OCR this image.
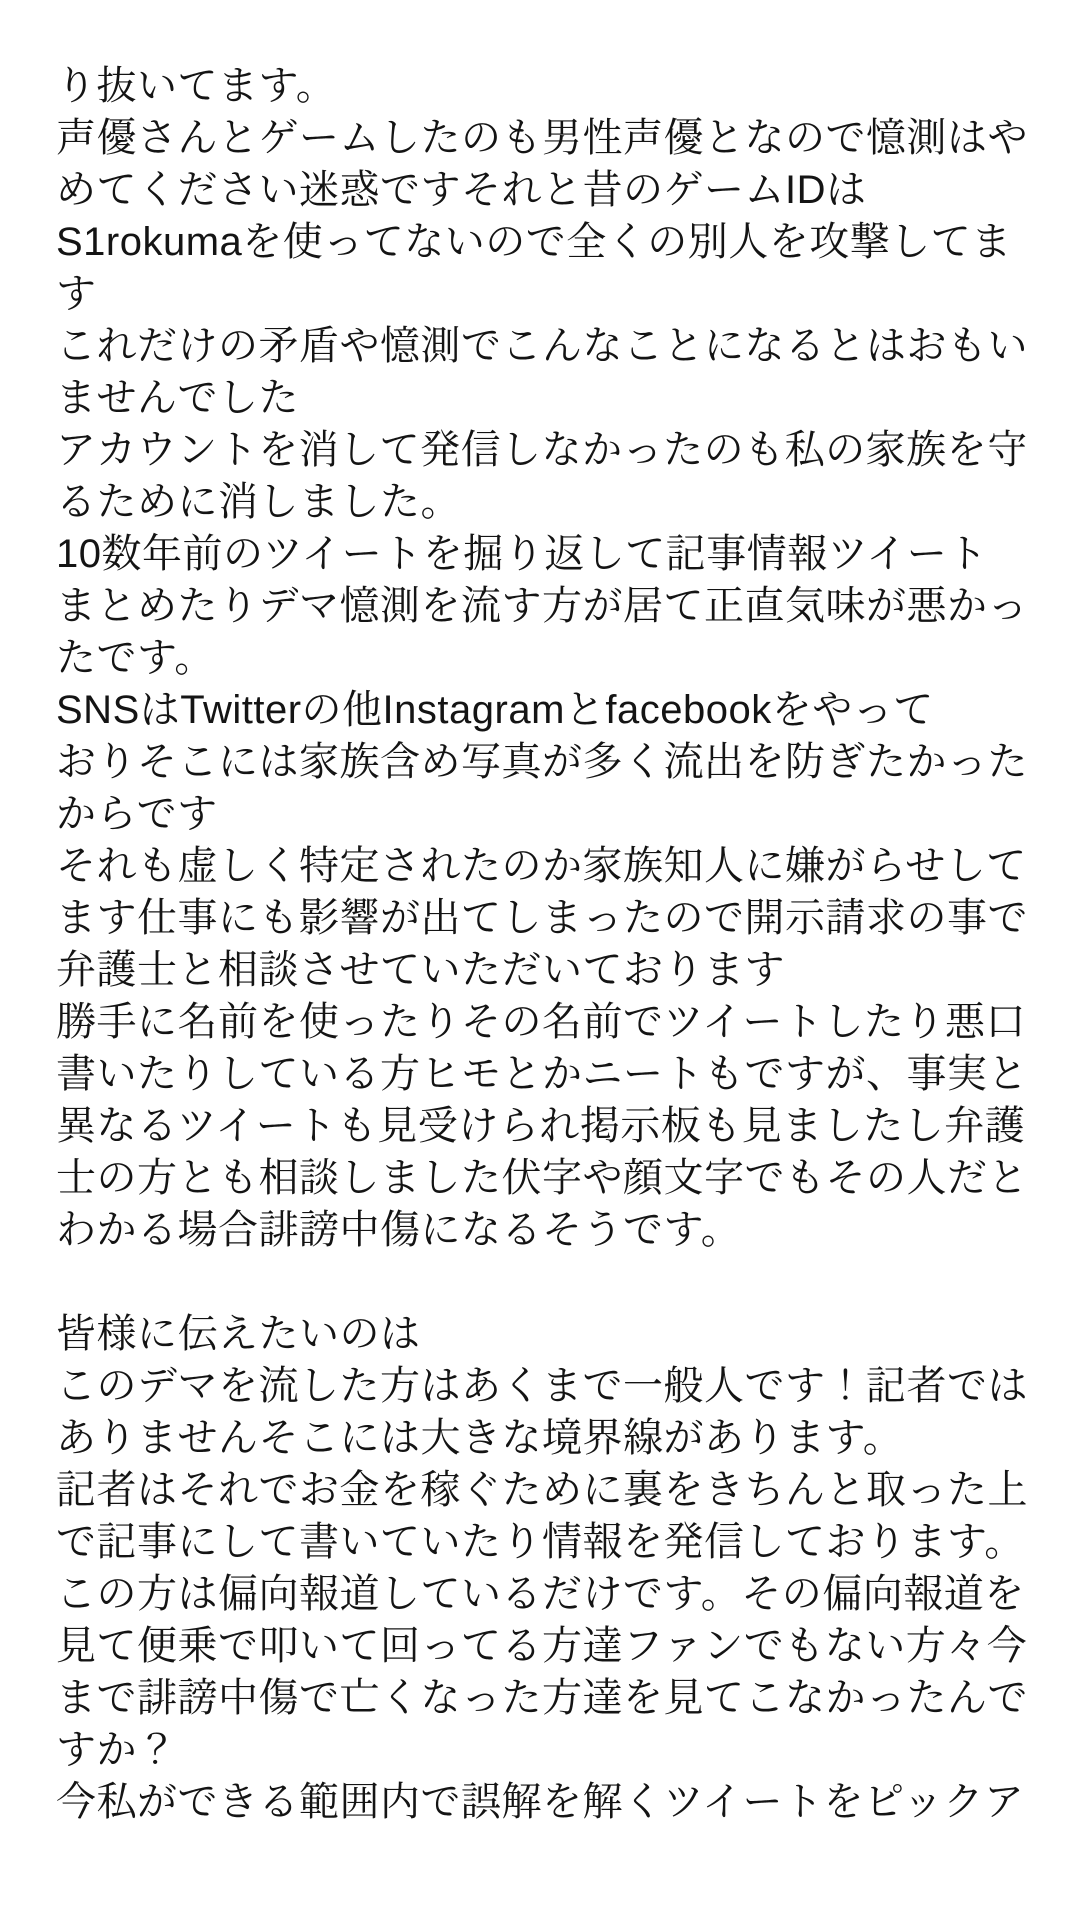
り抜いてます。
声優さんとゲームしたのも男性声優となので憶測はや
めてください迷惑ですそれと昔のゲームIDは
S1rokumaを使ってないので全くの別人を攻撃してま
す
これだけの矛盾や憶測でこんなことになるとはおもい
ませんでした
アカウントを消して発信しなかったのも私の家族を守
るために消しました。
10数年前のツイートを掘り返して記事情報ツイート
まとめたりデマ憶測を流す方が居て正直気味が悪かっ
たです。
SNSはTwitterの他Instagramとfacebookをやって
おりそこには家族含め写真が多く流出を防ぎたかった
からです
それも虚しく特定されたのか家族知人に嫌がらせして
ます仕事にも影響が出てしまったので開示請求の事で
弁護士と相談させていただいております
勝手に名前を使ったりその名前でツイートしたり悪口
書いたりしている方ヒモとかニートもですが、事実と
異なるツイートも見受けられ掲示板も見ましたし弁護
士の方とも相談しました伏字や顔文字でもその人だと
わかる場合誹謗中傷になるそうです。
皆様に伝えたいのは
このデマを流した方はあくまで一般人です！記者では
ありませんそこには大きな境界線があります。
記者はそれでお金を稼ぐために裏をきちんと取った上
で記事にして書いていたり情報を発信しております。
この方は偏向報道しているだけです。その偏向報道を
見て便乗で叩いて回ってる方達ファンでもない方々今
まで誹謗中傷で亡くなった方達を見てこなかったんで
すか？
今私ができる範囲内で誤解を解くツイートをピックア
